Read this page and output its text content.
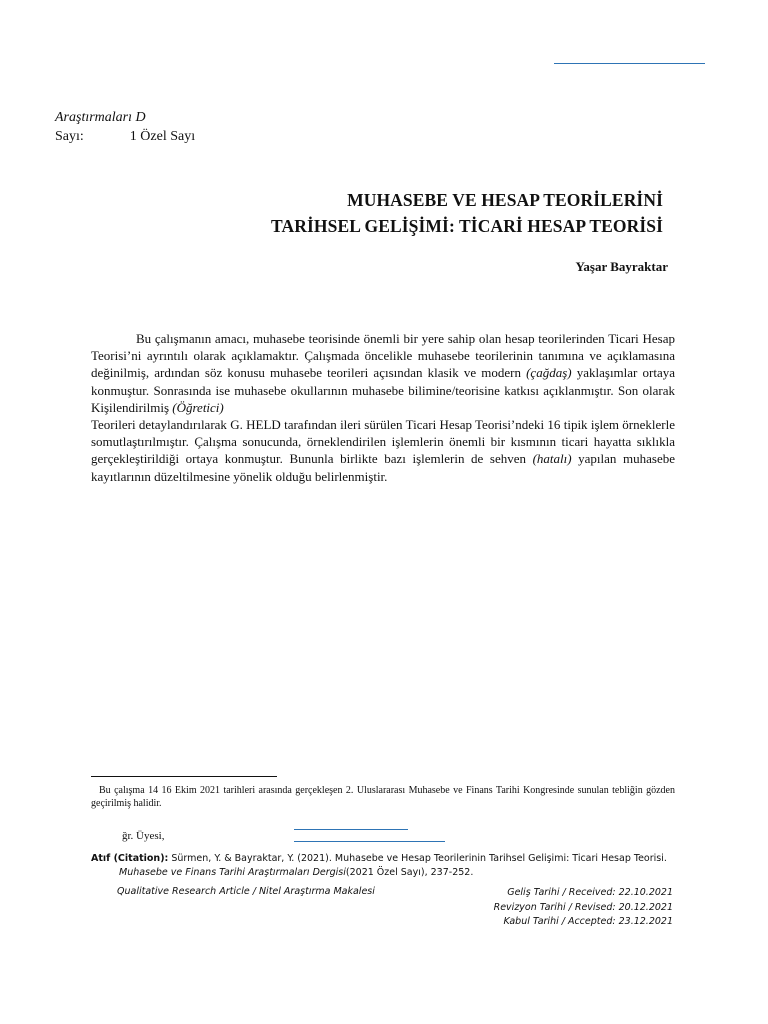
Araştırmaları D
Sayı:	1 Özel Sayı
MUHASEBE VE HESAP TEORİLERİNİ
TARİHSEL GELİŞİMİ: TİCARİ HESAP TEORİSİ
Yaşar Bayraktar

Bu çalışmanın amacı, muhasebe teorisinde önemli bir yere sahip olan hesap teorilerinden Ticari Hesap Teorisi’ni ayrıntılı olarak açıklamaktır. Çalışmada öncelikle muhasebe teorilerinin tanımına ve açıklamasına değinilmiş, ardından söz konusu muhasebe teorileri açısından klasik ve modern (çağdaş) yaklaşımlar ortaya konmuştur. Sonrasında ise muhasebe okullarının muhasebe bilimine/teorisine katkısı açıklanmıştır. Son olarak Kişilendirilmiş (Öğretici)

Teorileri detaylandırılarak G. HELD tarafından ileri sürülen Ticari Hesap Teorisi’ndeki 16 tipik işlem örneklerle somutlaştırılmıştır. Çalışma sonucunda, örneklendirilen işlemlerin önemli bir kısmının ticari hayatta sıklıkla gerçekleştirildiği ortaya konmuştur. Bununla birlikte bazı işlemlerin de sehven (hatalı) yapılan muhasebe kayıtlarının düzeltilmesine yönelik olduğu belirlenmiştir.

Bu çalışma 14 16 Ekim 2021 tarihleri arasında gerçekleşen 2. Uluslararası Muhasebe ve Finans Tarihi Kongresinde sunulan tebliğin gözden geçirilmiş halidir.
ğr. Üyesi,
Atıf (Citation): Sürmen, Y. & Bayraktar, Y. (2021). Muhasebe ve Hesap Teorilerinin Tarihsel Gelişimi: Ticari Hesap Teorisi.
Muhasebe ve Finans Tarihi Araştırmaları Dergisi(2021 Özel Sayı), 237-252.
Qualitative Research Article / Nitel Araştırma Makalesi	Geliş Tarihi / Received: 22.10.2021
Revizyon Tarihi / Revised: 20.12.2021
Kabul Tarihi / Accepted: 23.12.2021
